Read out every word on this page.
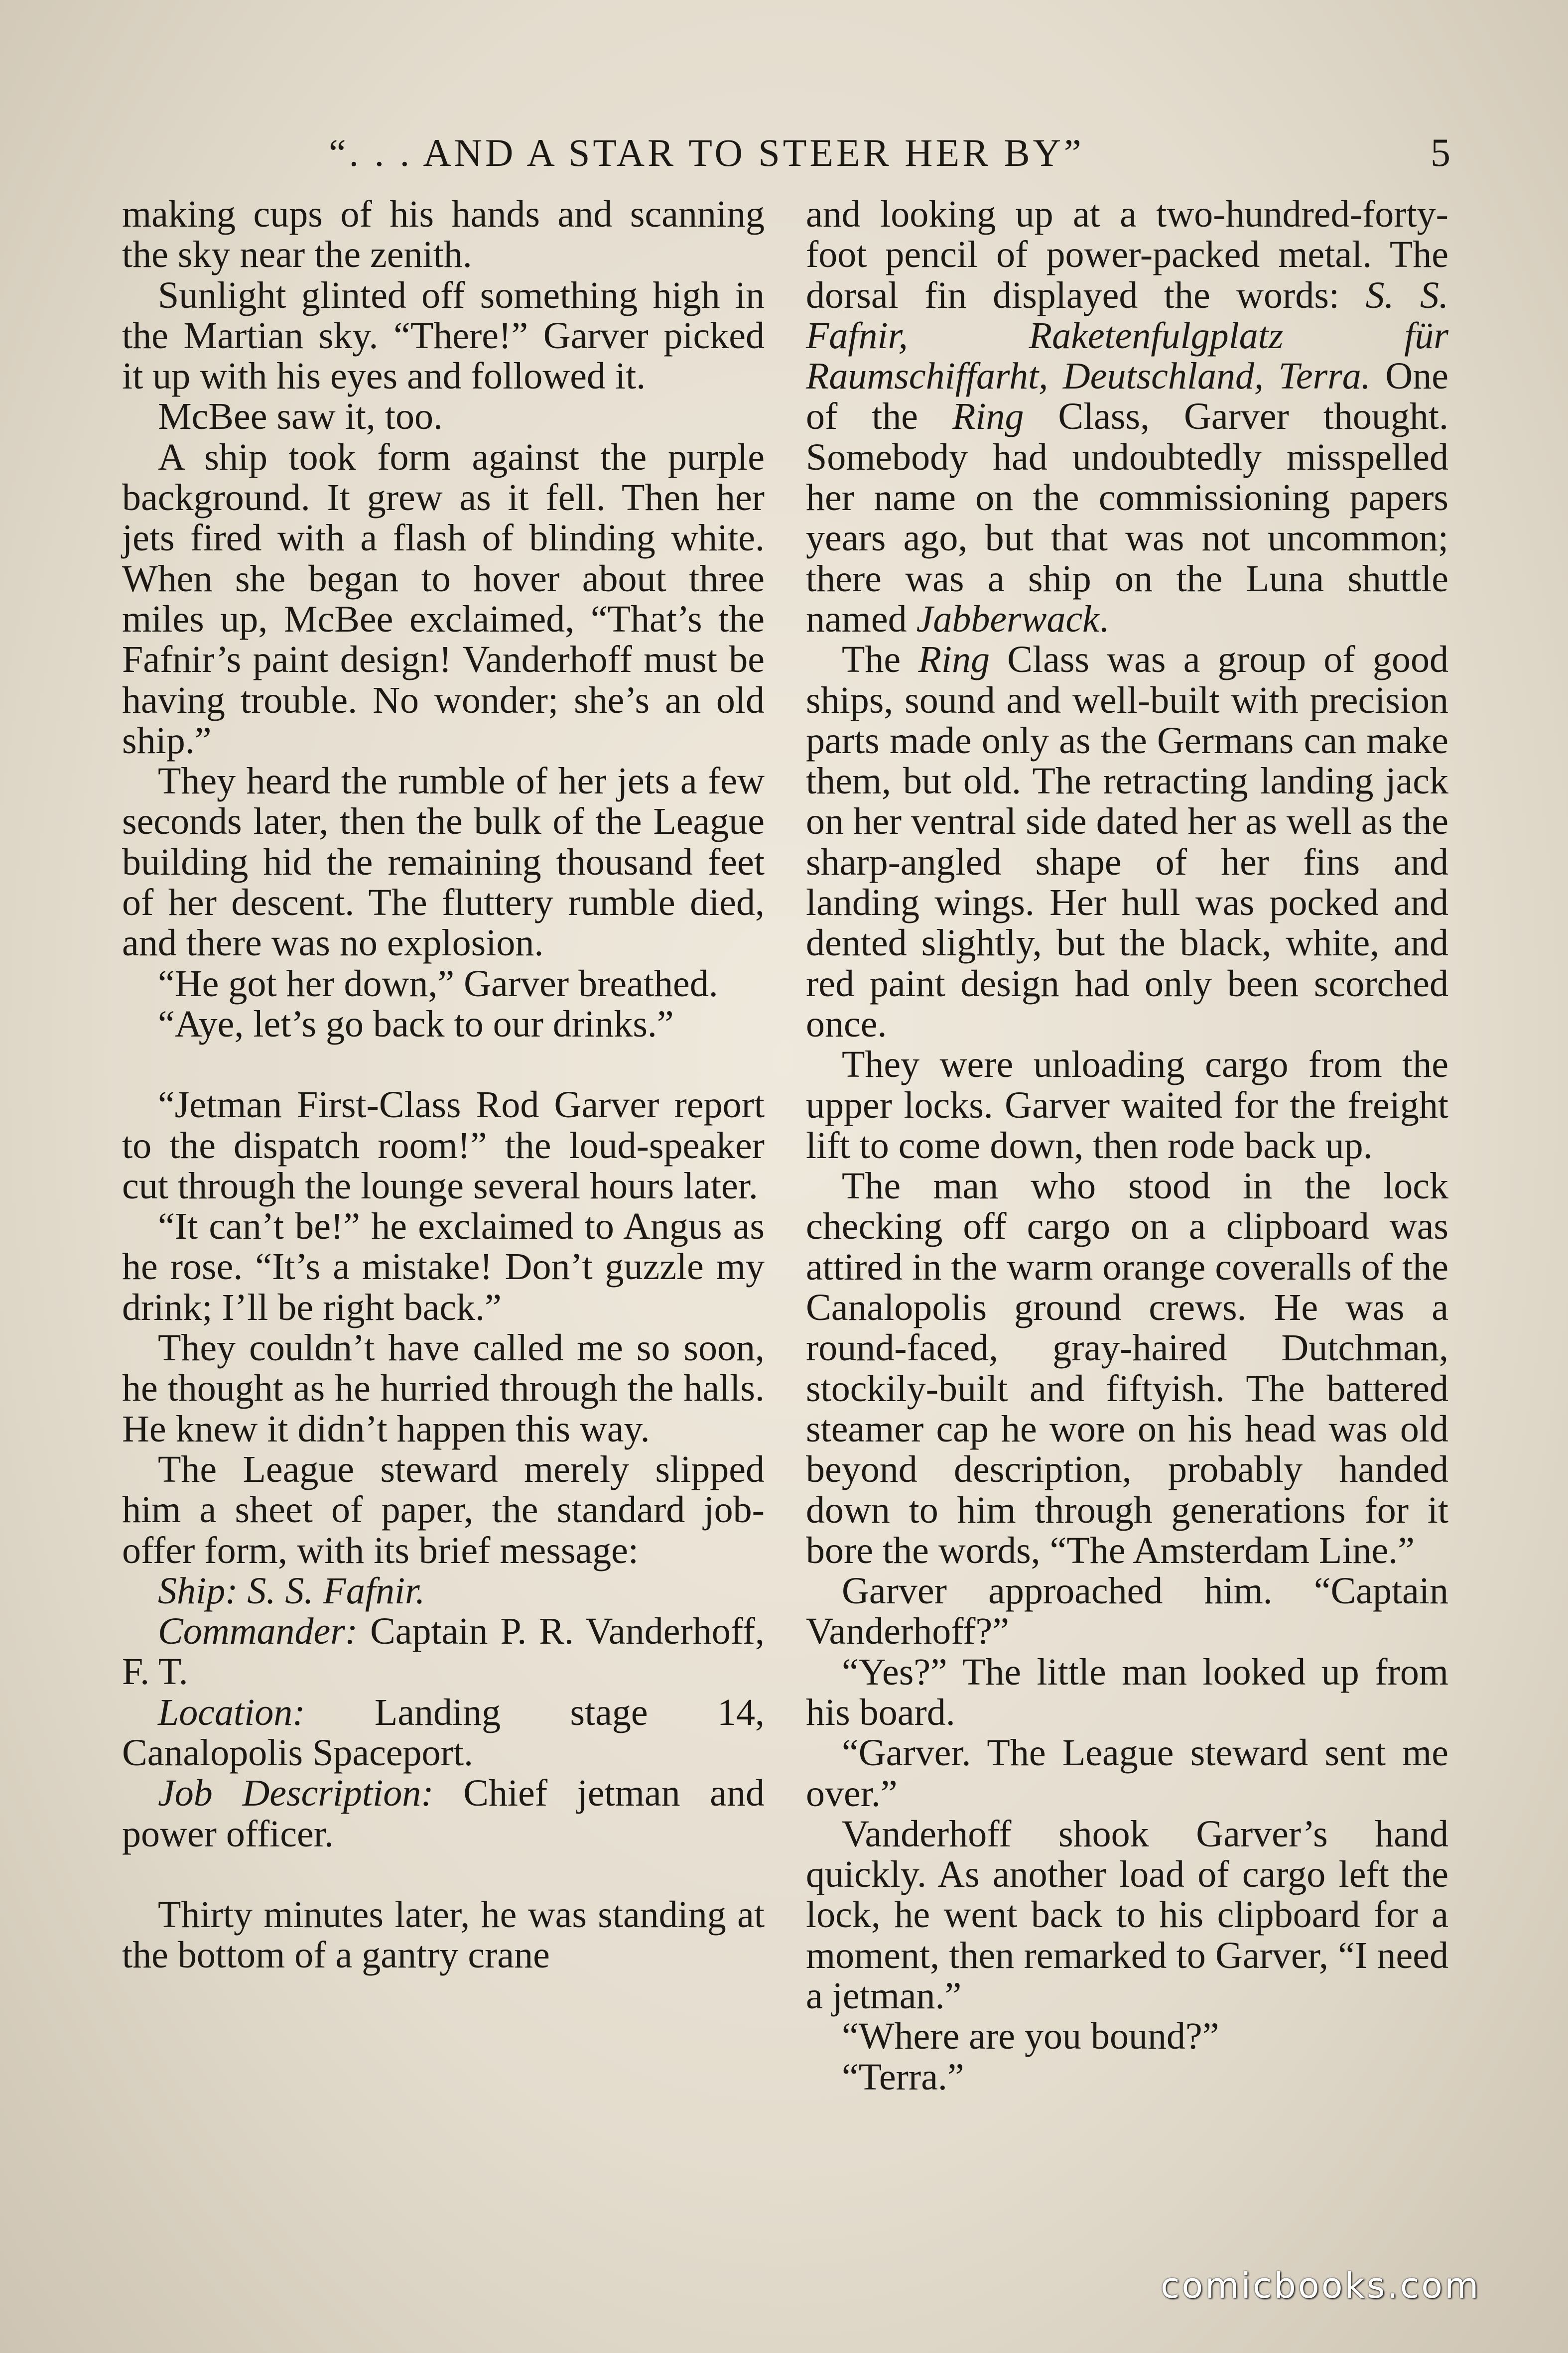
“. . . AND A STAR TO STEER HER BY”	5

making cups of his hands and scanning the sky near the zenith.

Sunlight glinted off something high in the Martian sky. “There!” Garver picked it up with his eyes and followed it.

McBee saw it, too.

A ship took form against the purple background. It grew as it fell. Then her jets fired with a flash of blinding white. When she began to hover about three miles up, McBee exclaimed, “That’s the Fafnir’s paint design! Vanderhoff must be having trouble. No wonder; she’s an old ship.”

They heard the rumble of her jets a few seconds later, then the bulk of the League building hid the remaining thousand feet of her descent. The fluttery rumble died, and there was no explosion.

“He got her down,” Garver breathed.

“Aye, let’s go back to our drinks.”

“Jetman First-Class Rod Garver report to the dispatch room!” the loud-speaker cut through the lounge several hours later.

“It can’t be!” he exclaimed to Angus as he rose. “It’s a mistake! Don’t guzzle my drink; I’ll be right back.”

They couldn’t have called me so soon, he thought as he hurried through the halls. He knew it didn’t happen this way.

The League steward merely slipped him a sheet of paper, the standard job-offer form, with its brief message:

Ship: S. S. Fafnir.

Commander: Captain P. R. Vanderhoff, F. T.

Location: Landing stage 14, Canalopolis Spaceport.

Job Description: Chief jetman and power officer.

Thirty minutes later, he was standing at the bottom of a gantry crane

and looking up at a two-hundred-forty-foot pencil of power-packed metal. The dorsal fin displayed the words: S. S. Fafnir, Raketenfulgplatz für Raumschiffarht, Deutschland, Terra. One of the Ring Class, Garver thought. Somebody had undoubtedly misspelled her name on the commissioning papers years ago, but that was not uncommon; there was a ship on the Luna shuttle named Jabberwack.

The Ring Class was a group of good ships, sound and well-built with precision parts made only as the Germans can make them, but old. The retracting landing jack on her ventral side dated her as well as the sharp-angled shape of her fins and landing wings. Her hull was pocked and dented slightly, but the black, white, and red paint design had only been scorched once.

They were unloading cargo from the upper locks. Garver waited for the freight lift to come down, then rode back up.

The man who stood in the lock checking off cargo on a clipboard was attired in the warm orange coveralls of the Canalopolis ground crews. He was a round-faced, gray-haired Dutchman, stockily-built and fiftyish. The battered steamer cap he wore on his head was old beyond description, probably handed down to him through generations for it bore the words, “The Amsterdam Line.”

Garver approached him. “Captain Vanderhoff?”

“Yes?” The little man looked up from his board.

“Garver. The League steward sent me over.”

Vanderhoff shook Garver’s hand quickly. As another load of cargo left the lock, he went back to his clipboard for a moment, then remarked to Garver, “I need a jetman.”

“Where are you bound?”

“Terra.”

comicbooks.com
